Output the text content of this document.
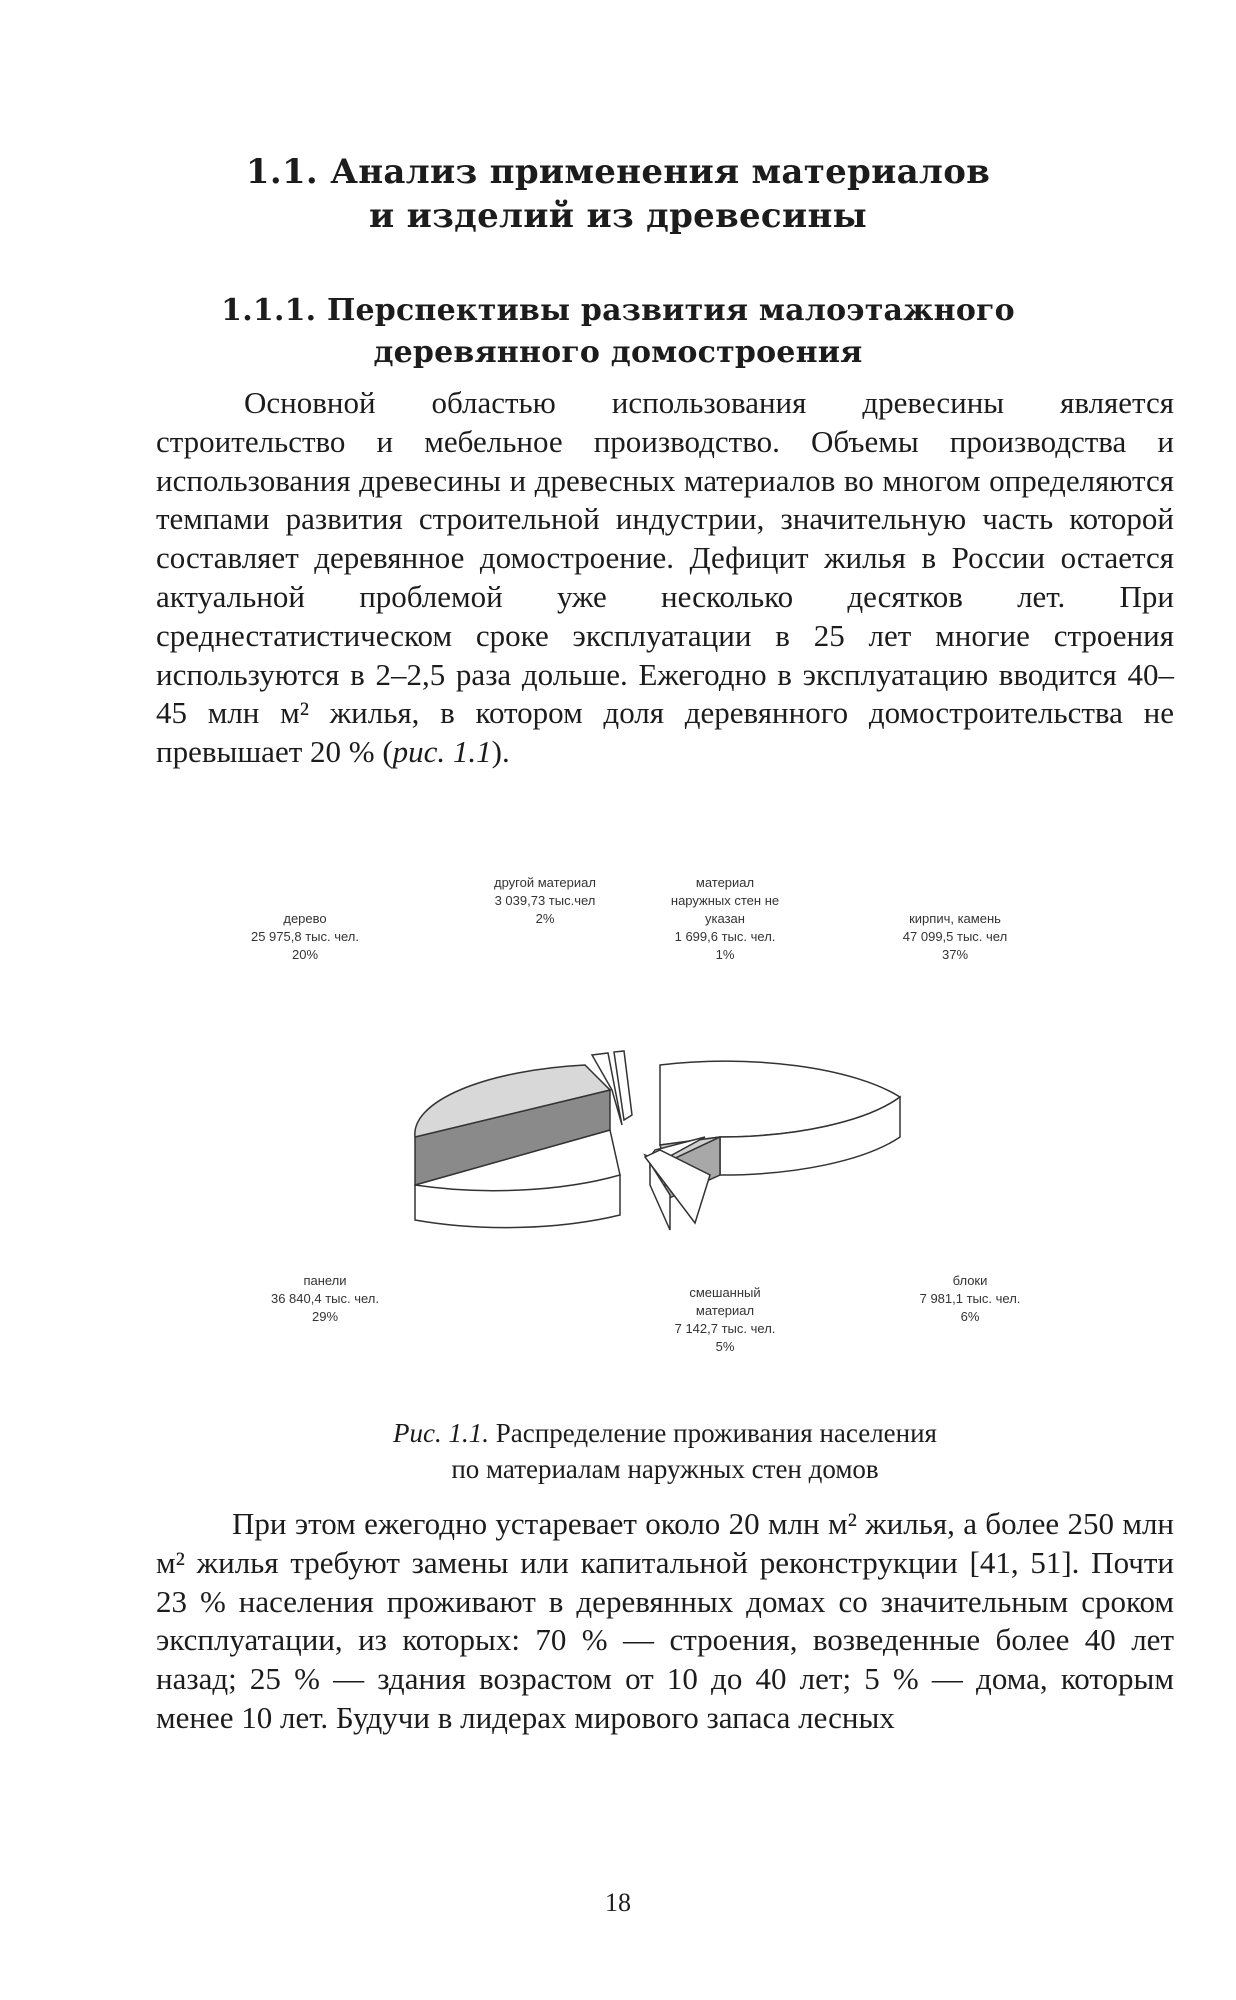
1.1. Анализ применения материалов
и изделий из древесины
1.1.1. Перспективы развития малоэтажного
деревянного домостроения
Основной областью использования древесины является строительство и мебельное производство. Объемы производства и использования древесины и древесных материалов во многом определяются темпами развития строительной индустрии, значительную часть которой составляет деревянное домостроение. Дефицит жилья в России остается актуальной проблемой уже несколько десятков лет. При среднестатистическом сроке эксплуатации в 25 лет многие строения используются в 2–2,5 раза дольше. Ежегодно в эксплуатацию вводится 40–45 млн м² жилья, в котором доля деревянного домостроительства не превышает 20 % (рис. 1.1).
другой материал
3 039,73 тыс.чел
2%
материал
наружных стен не
указан
1 699,6 тыс. чел.
1%
дерево
25 975,8 тыс. чел.
20%
кирпич, камень
47 099,5 тыс. чел
37%
панели
36 840,4 тыс. чел.
29%
смешанный
материал
7 142,7 тыс. чел.
5%
блоки
7 981,1 тыс. чел.
6%
Рис. 1.1. Распределение проживания населения
по материалам наружных стен домов
При этом ежегодно устаревает около 20 млн м² жилья, а более 250 млн м² жилья требуют замены или капитальной реконструкции [41, 51]. Почти 23 % населения проживают в деревянных домах со значительным сроком эксплуатации, из которых: 70 % — строения, возведенные более 40 лет назад; 25 % — здания возрастом от 10 до 40 лет; 5 % — дома, которым менее 10 лет. Будучи в лидерах мирового запаса лесных
18
